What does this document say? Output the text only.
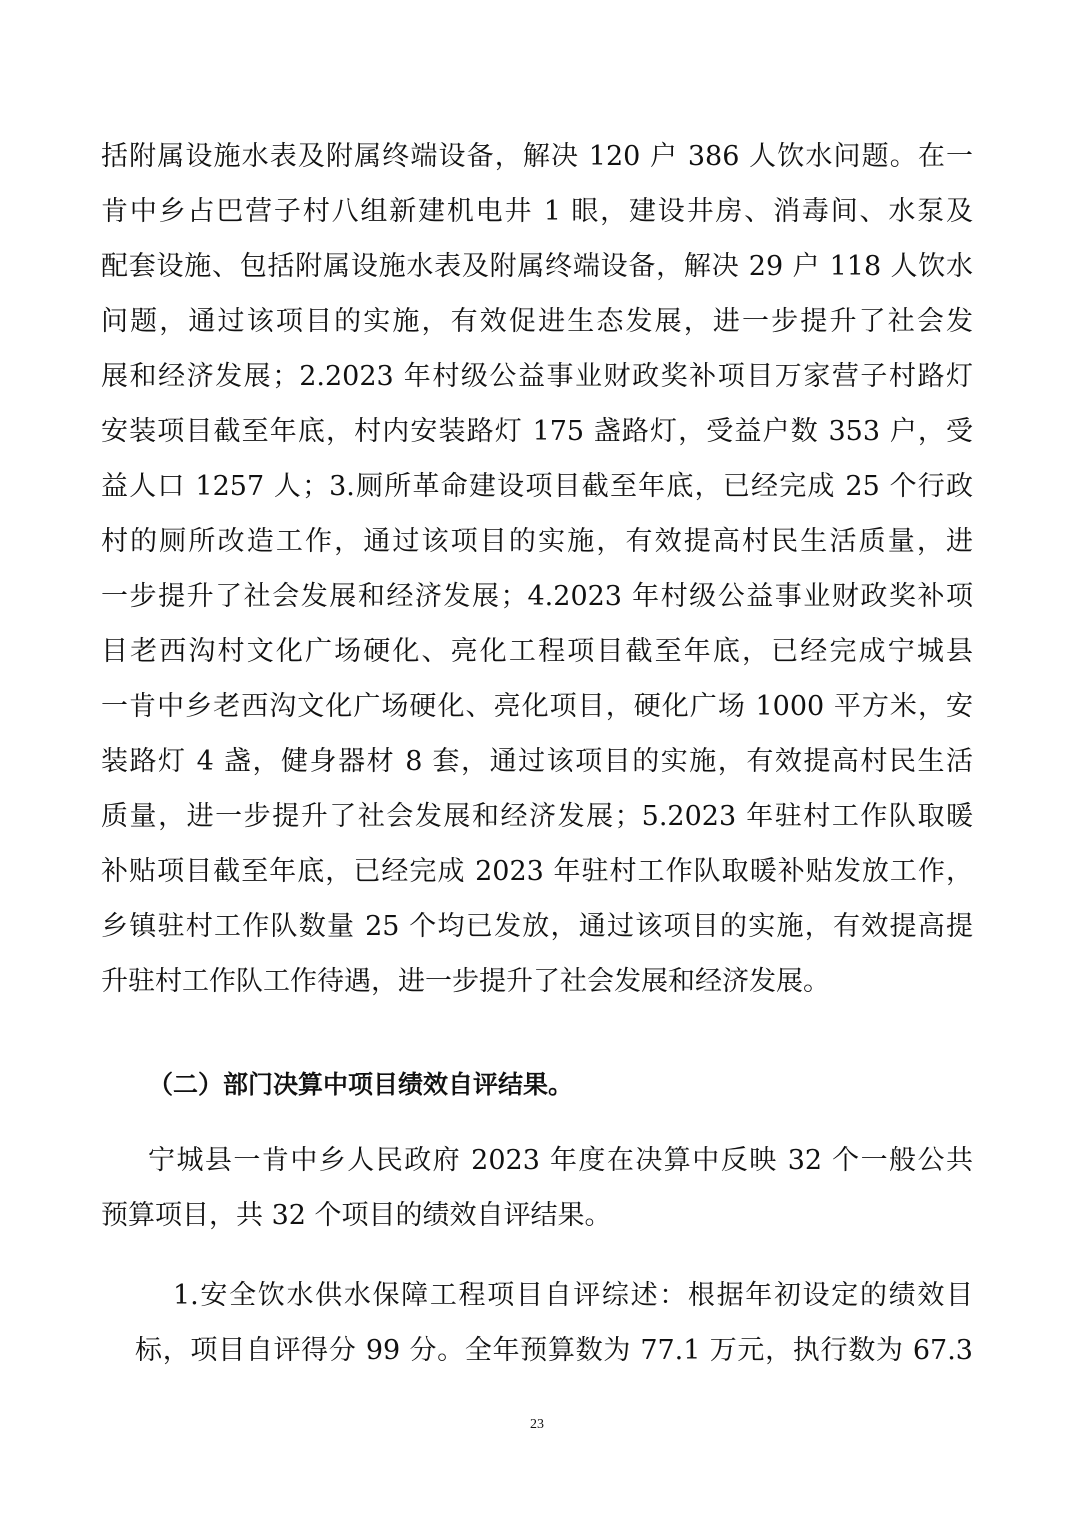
括附属设施水表及附属终端设备，解决 120 户 386 人饮水问题。在一
肯中乡占巴营子村八组新建机电井 1 眼，建设井房、消毒间、水泵及
配套设施、包括附属设施水表及附属终端设备，解决 29 户 118 人饮水
问题，通过该项目的实施，有效促进生态发展，进一步提升了社会发
展和经济发展；2.2023 年村级公益事业财政奖补项目万家营子村路灯
安装项目截至年底，村内安装路灯 175 盏路灯，受益户数 353 户，受
益人口 1257 人；3.厕所革命建设项目截至年底，已经完成 25 个行政
村的厕所改造工作，通过该项目的实施，有效提高村民生活质量，进
一步提升了社会发展和经济发展；4.2023 年村级公益事业财政奖补项
目老西沟村文化广场硬化、亮化工程项目截至年底，已经完成宁城县
一肯中乡老西沟文化广场硬化、亮化项目，硬化广场 1000 平方米，安
装路灯 4 盏，健身器材 8 套，通过该项目的实施，有效提高村民生活
质量，进一步提升了社会发展和经济发展；5.2023 年驻村工作队取暖
补贴项目截至年底，已经完成 2023 年驻村工作队取暖补贴发放工作，
乡镇驻村工作队数量 25 个均已发放，通过该项目的实施，有效提高提
升驻村工作队工作待遇，进一步提升了社会发展和经济发展。
（二）部门决算中项目绩效自评结果。
宁城县一肯中乡人民政府 2023 年度在决算中反映 32 个一般公共
预算项目，共 32 个项目的绩效自评结果。
1.安全饮水供水保障工程项目自评综述：根据年初设定的绩效目
标，项目自评得分 99 分。全年预算数为 77.1 万元，执行数为 67.3
23
